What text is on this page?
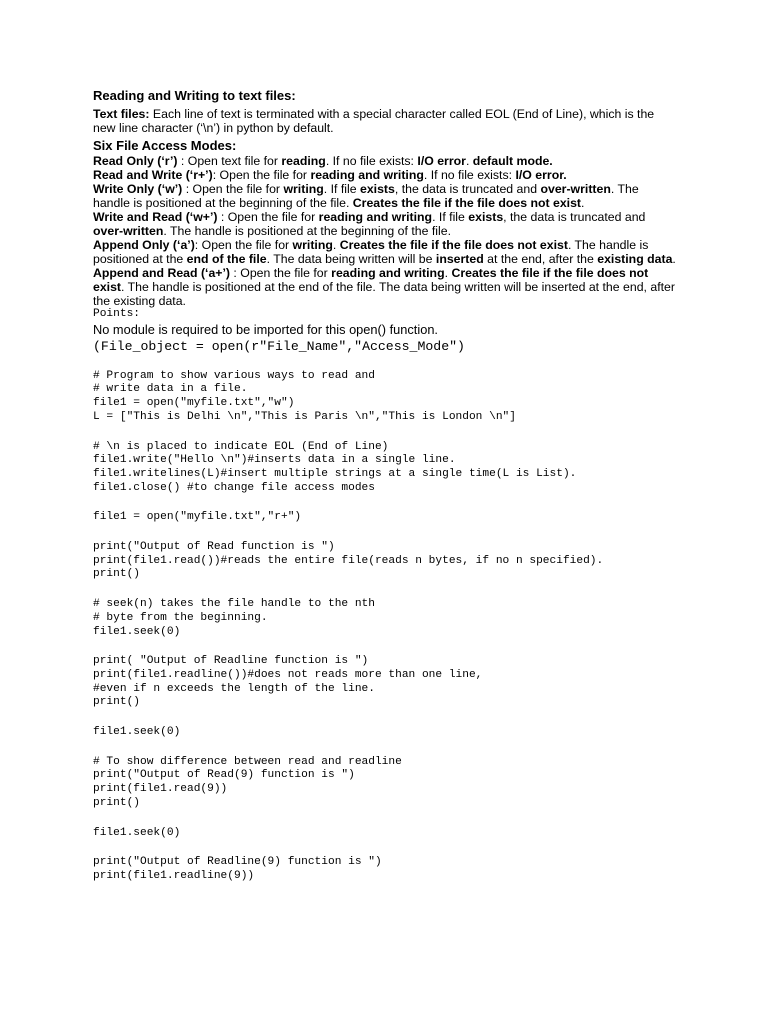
Reading and Writing to text files:
Text files: Each line of text is terminated with a special character called EOL (End of Line), which is the new line character (‘\n’) in python by default.
Six File Access Modes:
Read Only (‘r’) : Open text file for reading. If no file exists: I/O error. default mode.
Read and Write (‘r+’): Open the file for reading and writing. If no file exists: I/O error.
Write Only (‘w’) : Open the file for writing. If file exists, the data is truncated and over-written. The handle is positioned at the beginning of the file. Creates the file if the file does not exist.
Write and Read (‘w+’) : Open the file for reading and writing. If file exists, the data is truncated and over-written. The handle is positioned at the beginning of the file.
Append Only (‘a’): Open the file for writing. Creates the file if the file does not exist. The handle is positioned at the end of the file. The data being written will be inserted at the end, after the existing data.
Append and Read (‘a+’) : Open the file for reading and writing. Creates the file if the file does not exist. The handle is positioned at the end of the file. The data being written will be inserted at the end, after the existing data.
Points:
No module is required to be imported for this open() function.
(File_object = open(r"File_Name","Access_Mode")
# Program to show various ways to read and
# write data in a file.
file1 = open("myfile.txt","w")
L = ["This is Delhi \n","This is Paris \n","This is London \n"]
# \n is placed to indicate EOL (End of Line)
file1.write("Hello \n")#inserts data in a single line.
file1.writelines(L)#insert multiple strings at a single time(L is List).
file1.close() #to change file access modes
file1 = open("myfile.txt","r+")
print("Output of Read function is ")
print(file1.read())#reads the entire file(reads n bytes, if no n specified).
print()
# seek(n) takes the file handle to the nth
# byte from the beginning.
file1.seek(0)
print( "Output of Readline function is ")
print(file1.readline())#does not reads more than one line,
#even if n exceeds the length of the line.
print()
file1.seek(0)
# To show difference between read and readline
print("Output of Read(9) function is ")
print(file1.read(9))
print()
file1.seek(0)
print("Output of Readline(9) function is ")
print(file1.readline(9))
